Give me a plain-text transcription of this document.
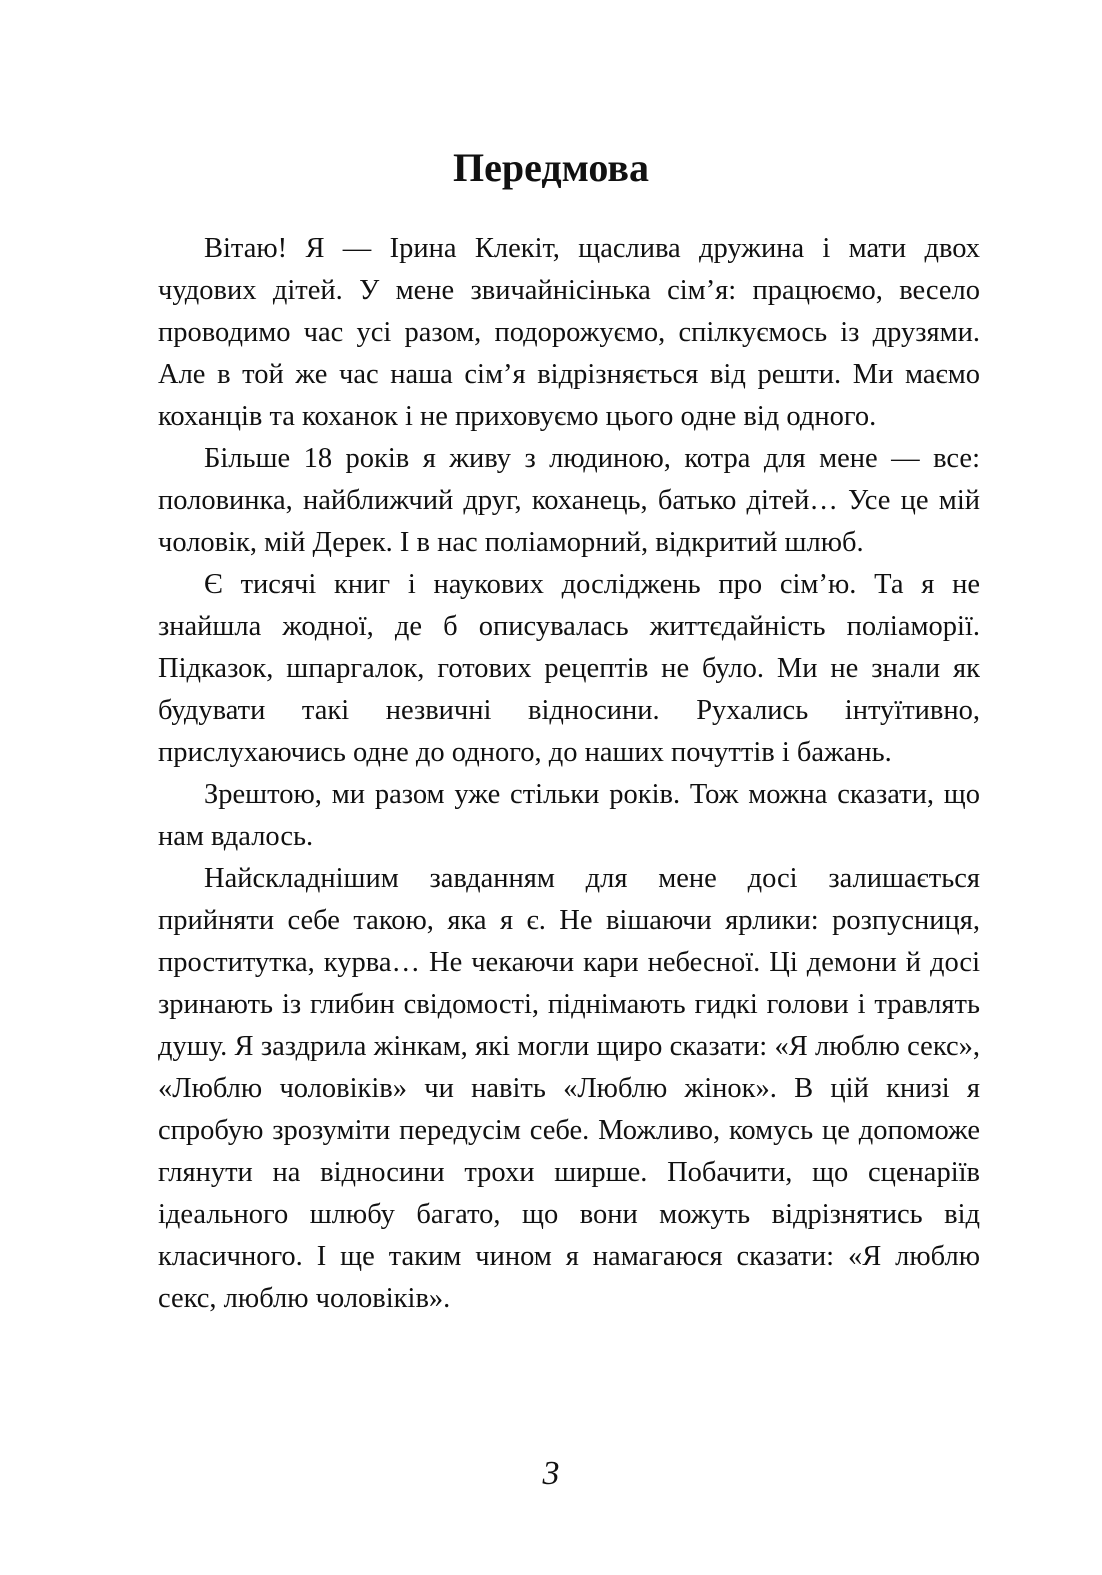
Передмова

Вітаю! Я — Ірина Клекіт, щаслива дружина і мати двох чудових дітей. У мене звичайнісінька сім’я: працюємо, весело проводимо час усі разом, подорожуємо, спілкуємось із друзями. Але в той же час наша сім’я відрізняється від решти. Ми маємо коханців та коханок і не приховуємо цього одне від одного.

Більше 18 років я живу з людиною, котра для мене — все: половинка, найближчий друг, коханець, батько дітей… Усе це мій чоловік, мій Дерек. І в нас поліаморний, відкритий шлюб.

Є тисячі книг і наукових досліджень про сім’ю. Та я не знайшла жодної, де б описувалась життєдайність поліаморії. Підказок, шпаргалок, готових рецептів не було. Ми не знали як будувати такі незвичні відносини. Рухались інтуїтивно, прислухаючись одне до одного, до наших почуттів і бажань.

Зрештою, ми разом уже стільки років. Тож можна сказати, що нам вдалось.

Найскладнішим завданням для мене досі залишається прийняти себе такою, яка я є. Не вішаючи ярлики: розпусниця, проститутка, курва… Не чекаючи кари небесної. Ці демони й досі зринають із глибин свідомості, піднімають гидкі голови і травлять душу. Я заздрила жінкам, які могли щиро сказати: «Я люблю секс», «Люблю чоловіків» чи навіть «Люблю жінок». В цій книзі я спробую зрозуміти передусім себе. Можливо, комусь це допоможе глянути на відносини трохи ширше. Побачити, що сценаріїв ідеального шлюбу багато, що вони можуть відрізнятись від класичного. І ще таким чином я намагаюся сказати: «Я люблю секс, люблю чоловіків».

3
